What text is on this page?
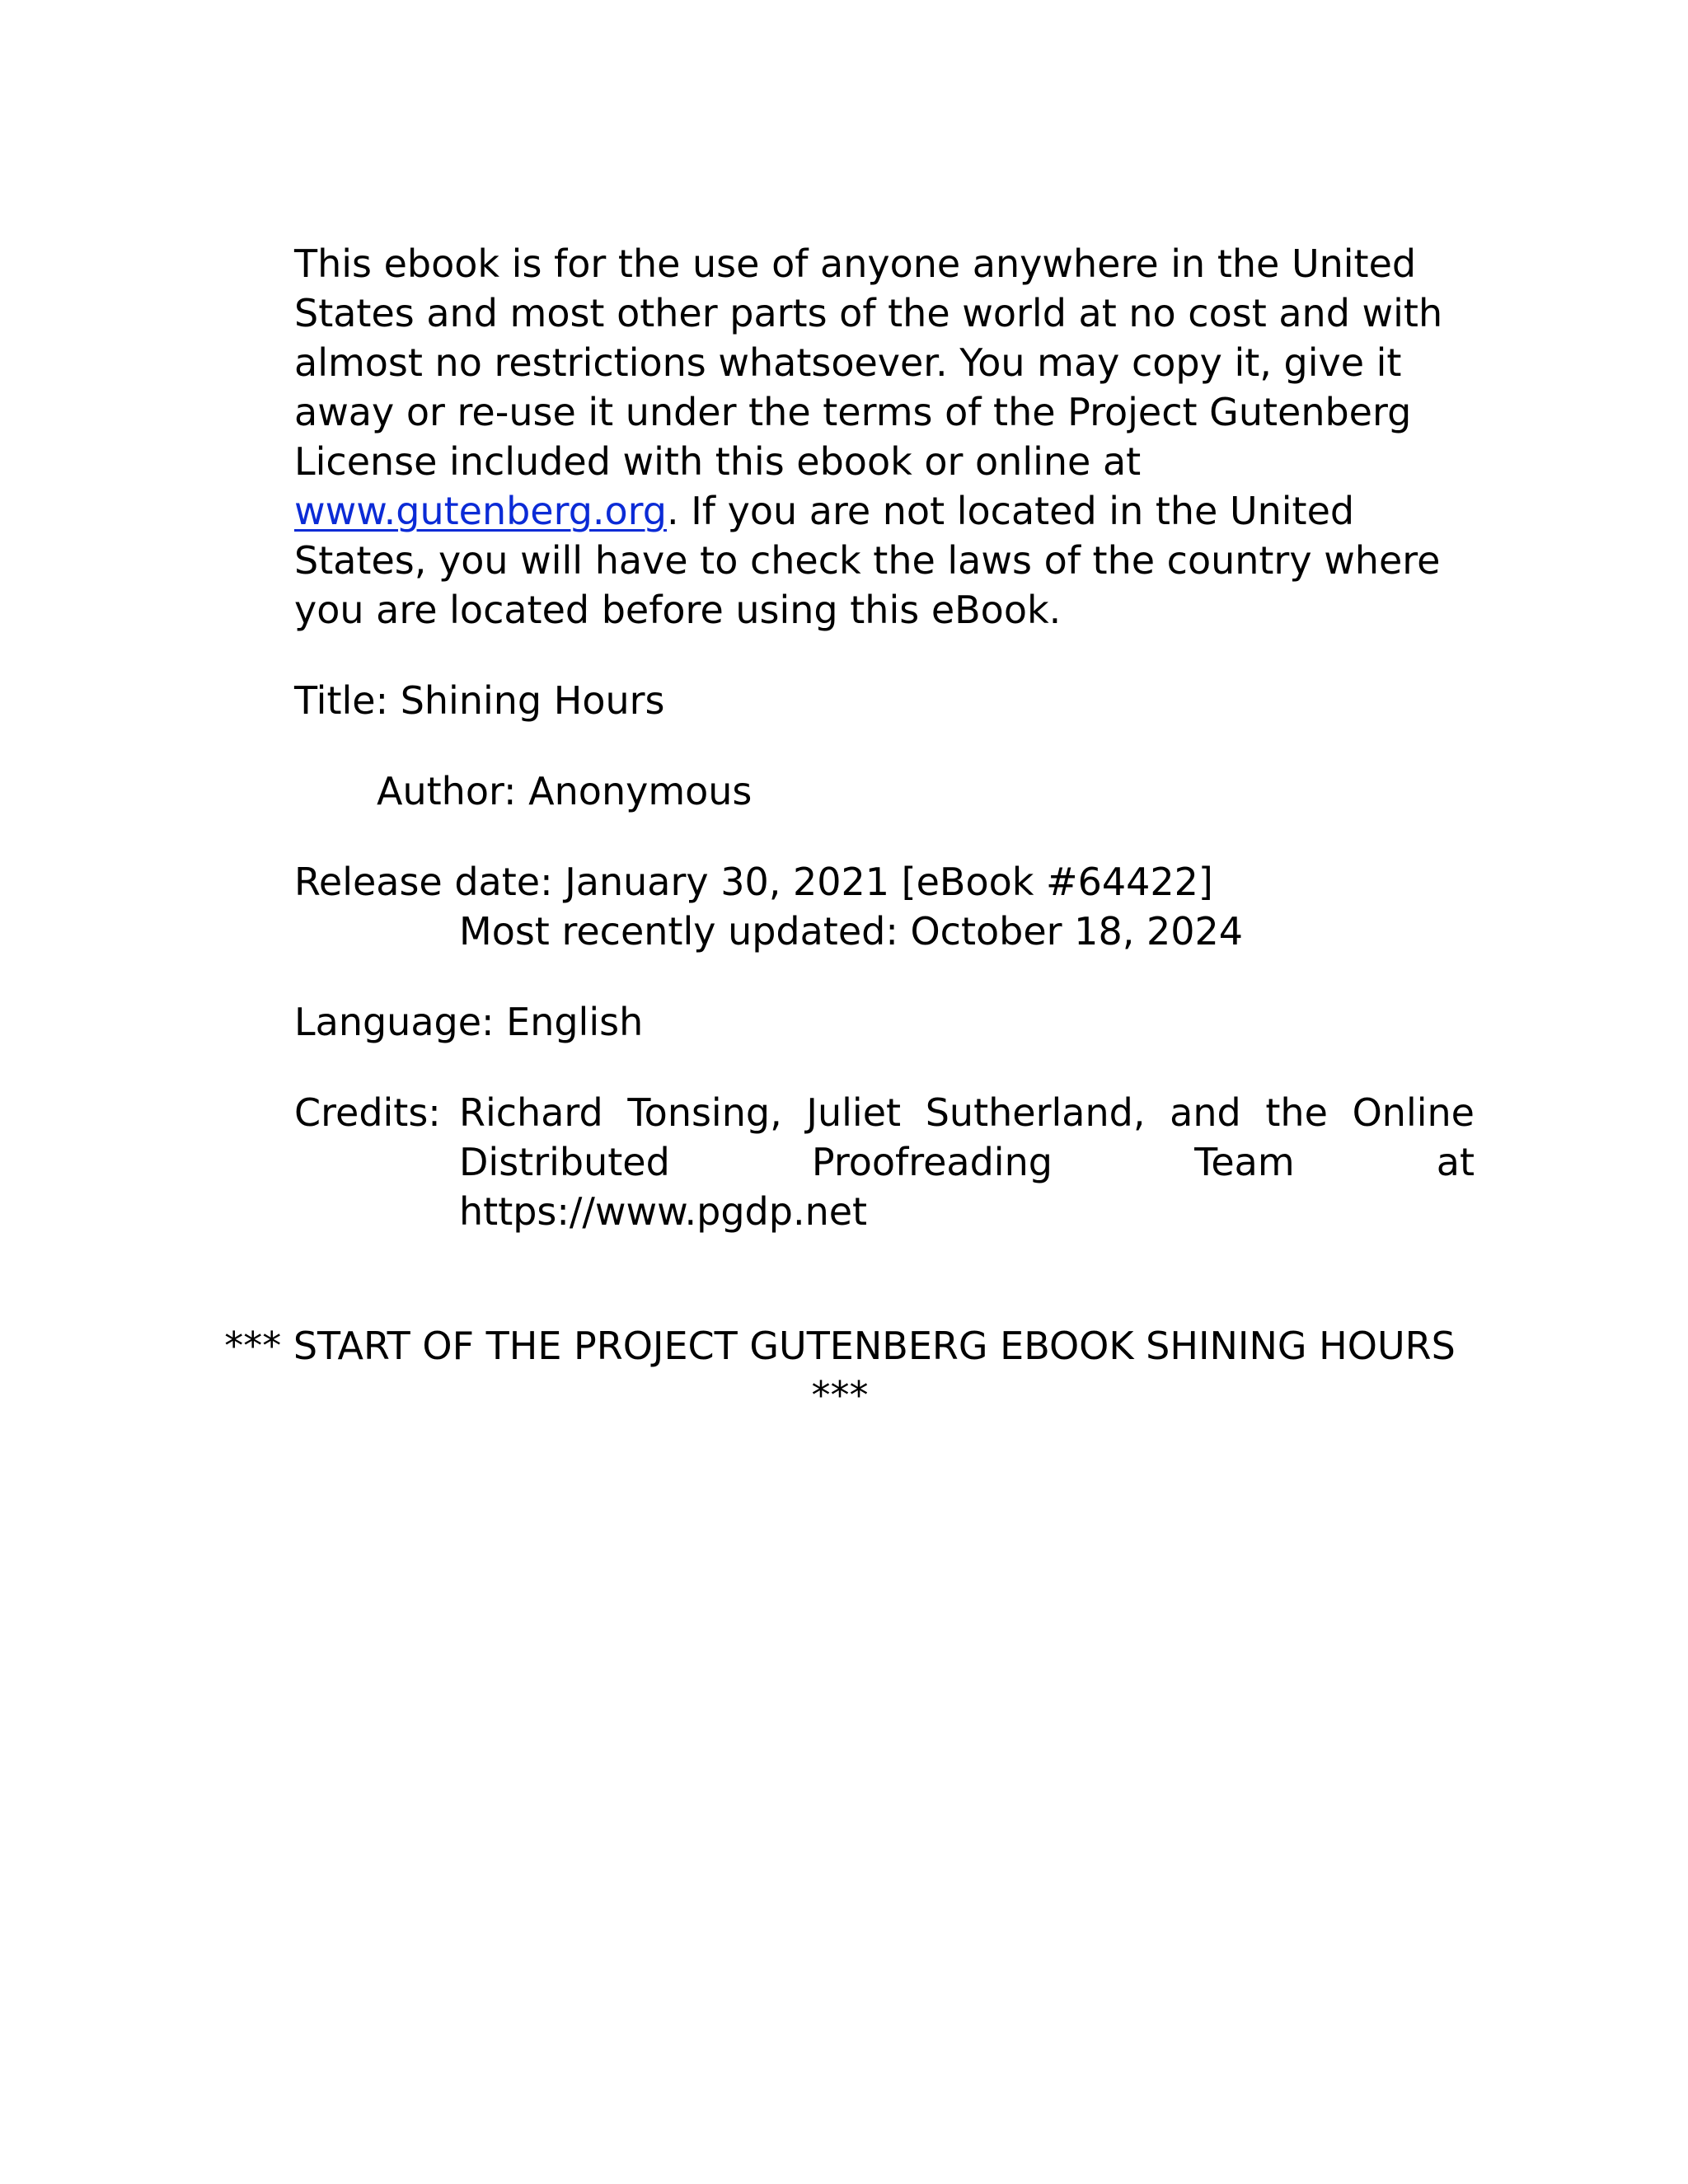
This ebook is for the use of anyone anywhere in the United States and most other parts of the world at no cost and with almost no restrictions whatsoever. You may copy it, give it away or re-use it under the terms of the Project Gutenberg License included with this ebook or online at www.gutenberg.org. If you are not located in the United States, you will have to check the laws of the country where you are located before using this eBook.

Title: Shining Hours

Author: Anonymous

Release date: January 30, 2021 [eBook #64422]

Most recently updated: October 18, 2024

Language: English

Credits: Richard Tonsing, Juliet Sutherland, and the Online
Distributed	Proofreading	Team	at
https://www.pgdp.net

*** START OF THE PROJECT GUTENBERG EBOOK SHINING HOURS ***
